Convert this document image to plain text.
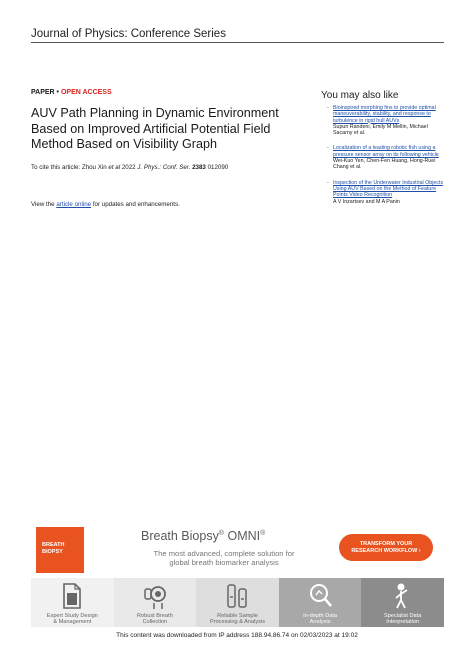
Journal of Physics: Conference Series
PAPER • OPEN ACCESS
AUV Path Planning in Dynamic Environment Based on Improved Artificial Potential Field Method Based on Visibility Graph
To cite this article: Zhou Xin et al 2022 J. Phys.: Conf. Ser. 2383 012090
View the article online for updates and enhancements.
You may also like
- Bioinspired morphing fins to provide optimal maneuverability, stability, and response to turbulence in rigid hull AUVs
Supun Randeni, Emily M Mellin, Michael Sacarny et al.
- Localization of a leading robotic fish using a pressure sensor array on its following vehicle
Wei-Kuo Yen, Chen-Fen Huang, Hong-Ruei Chang et al.
- Inspection of the Underwater Industrial Objects Using AUV Based on the Method of Feature Points Video Recognition
A V Inzartsev and M A Panin
BREATH
BIOPSY
Breath Biopsy® OMNI®
The most advanced, complete solution for
global breath biomarker analysis
TRANSFORM YOUR
RESEARCH WORKFLOW ›
Expert Study Design
& Management
Robust Breath
Collection
Reliable Sample
Processing & Analysis
In-depth Data
Analysis
Specialist Data
Interpretation
This content was downloaded from IP address 188.94.86.74 on 02/03/2023 at 19:02
